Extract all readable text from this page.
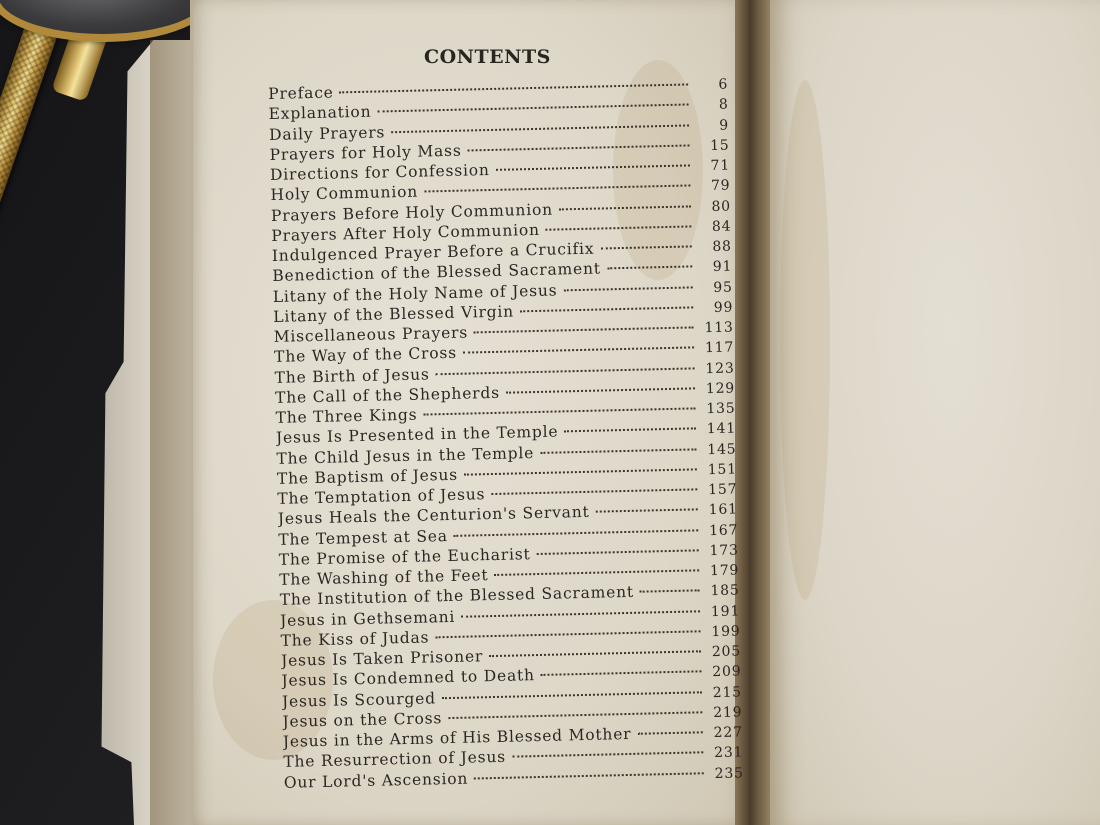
CONTENTS
Preface	6
Explanation	8
Daily Prayers	9
Prayers for Holy Mass	15
Directions for Confession	71
Holy Communion	79
Prayers Before Holy Communion	80
Prayers After Holy Communion	84
Indulgenced Prayer Before a Crucifix	88
Benediction of the Blessed Sacrament	91
Litany of the Holy Name of Jesus	95
Litany of the Blessed Virgin	99
Miscellaneous Prayers	113
The Way of the Cross	117
The Birth of Jesus	123
The Call of the Shepherds	129
The Three Kings	135
Jesus Is Presented in the Temple	141
The Child Jesus in the Temple	145
The Baptism of Jesus	151
The Temptation of Jesus	157
Jesus Heals the Centurion's Servant	161
The Tempest at Sea	167
The Promise of the Eucharist	173
The Washing of the Feet	179
The Institution of the Blessed Sacrament	185
Jesus in Gethsemani	191
The Kiss of Judas	199
Jesus Is Taken Prisoner	205
Jesus Is Condemned to Death	209
Jesus Is Scourged	215
Jesus on the Cross	219
Jesus in the Arms of His Blessed Mother	227
The Resurrection of Jesus	231
Our Lord's Ascension	235
